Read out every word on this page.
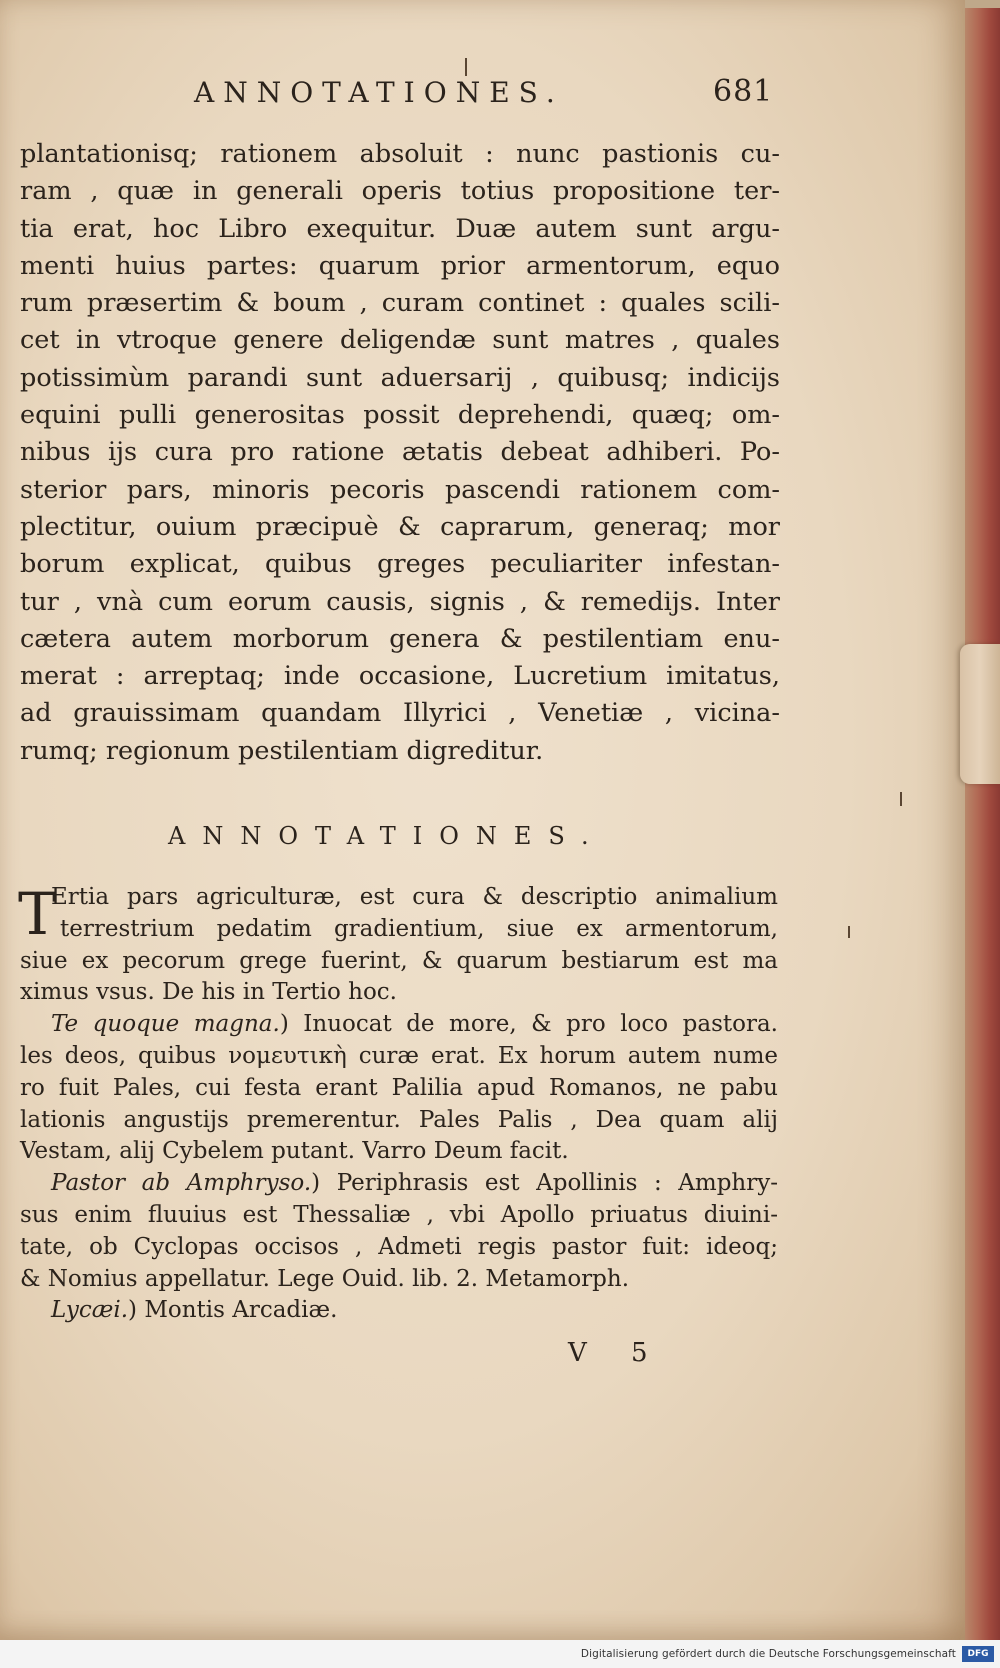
ANNOTATIONES.	681
plantationisq; rationem absoluit : nunc pastionis cu-
ram , quæ in generali operis totius propositione ter-
tia erat, hoc Libro exequitur. Duæ autem sunt argu-
menti huius partes: quarum prior armentorum, equo
rum præsertim & boum , curam continet : quales scili-
cet in vtroque genere deligendæ sunt matres , quales
potissimùm parandi sunt aduersarij , quibusq; indicijs
equini pulli generositas possit deprehendi, quæq; om-
nibus ijs cura pro ratione ætatis debeat adhiberi. Po-
sterior pars, minoris pecoris pascendi rationem com-
plectitur, ouium præcipuè & caprarum, generaq; mor
borum explicat, quibus greges peculiariter infestan-
tur , vnà cum eorum causis, signis , & remedijs. Inter
cætera autem morborum genera & pestilentiam enu-
merat : arreptaq; inde occasione, Lucretium imitatus,
ad grauissimam quandam Illyrici , Venetiæ , vicina-
rumq; regionum pestilentiam digreditur.
ANNOTATIONES.
T
Ertia pars agriculturæ, est cura & descriptio animalium
terrestrium pedatim gradientium, siue ex armentorum,
siue ex pecorum grege fuerint, & quarum bestiarum est ma
ximus vsus. De his in Tertio hoc.
Te quoque magna.) Inuocat de more, & pro loco pastora.
les deos, quibus νομευτικὴ curæ erat. Ex horum autem nume
ro fuit Pales, cui festa erant Palilia apud Romanos, ne pabu
lationis angustijs premerentur. Pales Palis , Dea quam alij
Vestam, alij Cybelem putant. Varro Deum facit.
Pastor ab Amphryso.) Periphrasis est Apollinis : Amphry-
sus enim fluuius est Thessaliæ , vbi Apollo priuatus diuini-
tate, ob Cyclopas occisos , Admeti regis pastor fuit: ideoq;
& Nomius appellatur. Lege Ouid. lib. 2. Metamorph.
Lycæi.) Montis Arcadiæ.
V 5
Digitalisierung gefördert durch die Deutsche Forschungsgemeinschaft	DFG
